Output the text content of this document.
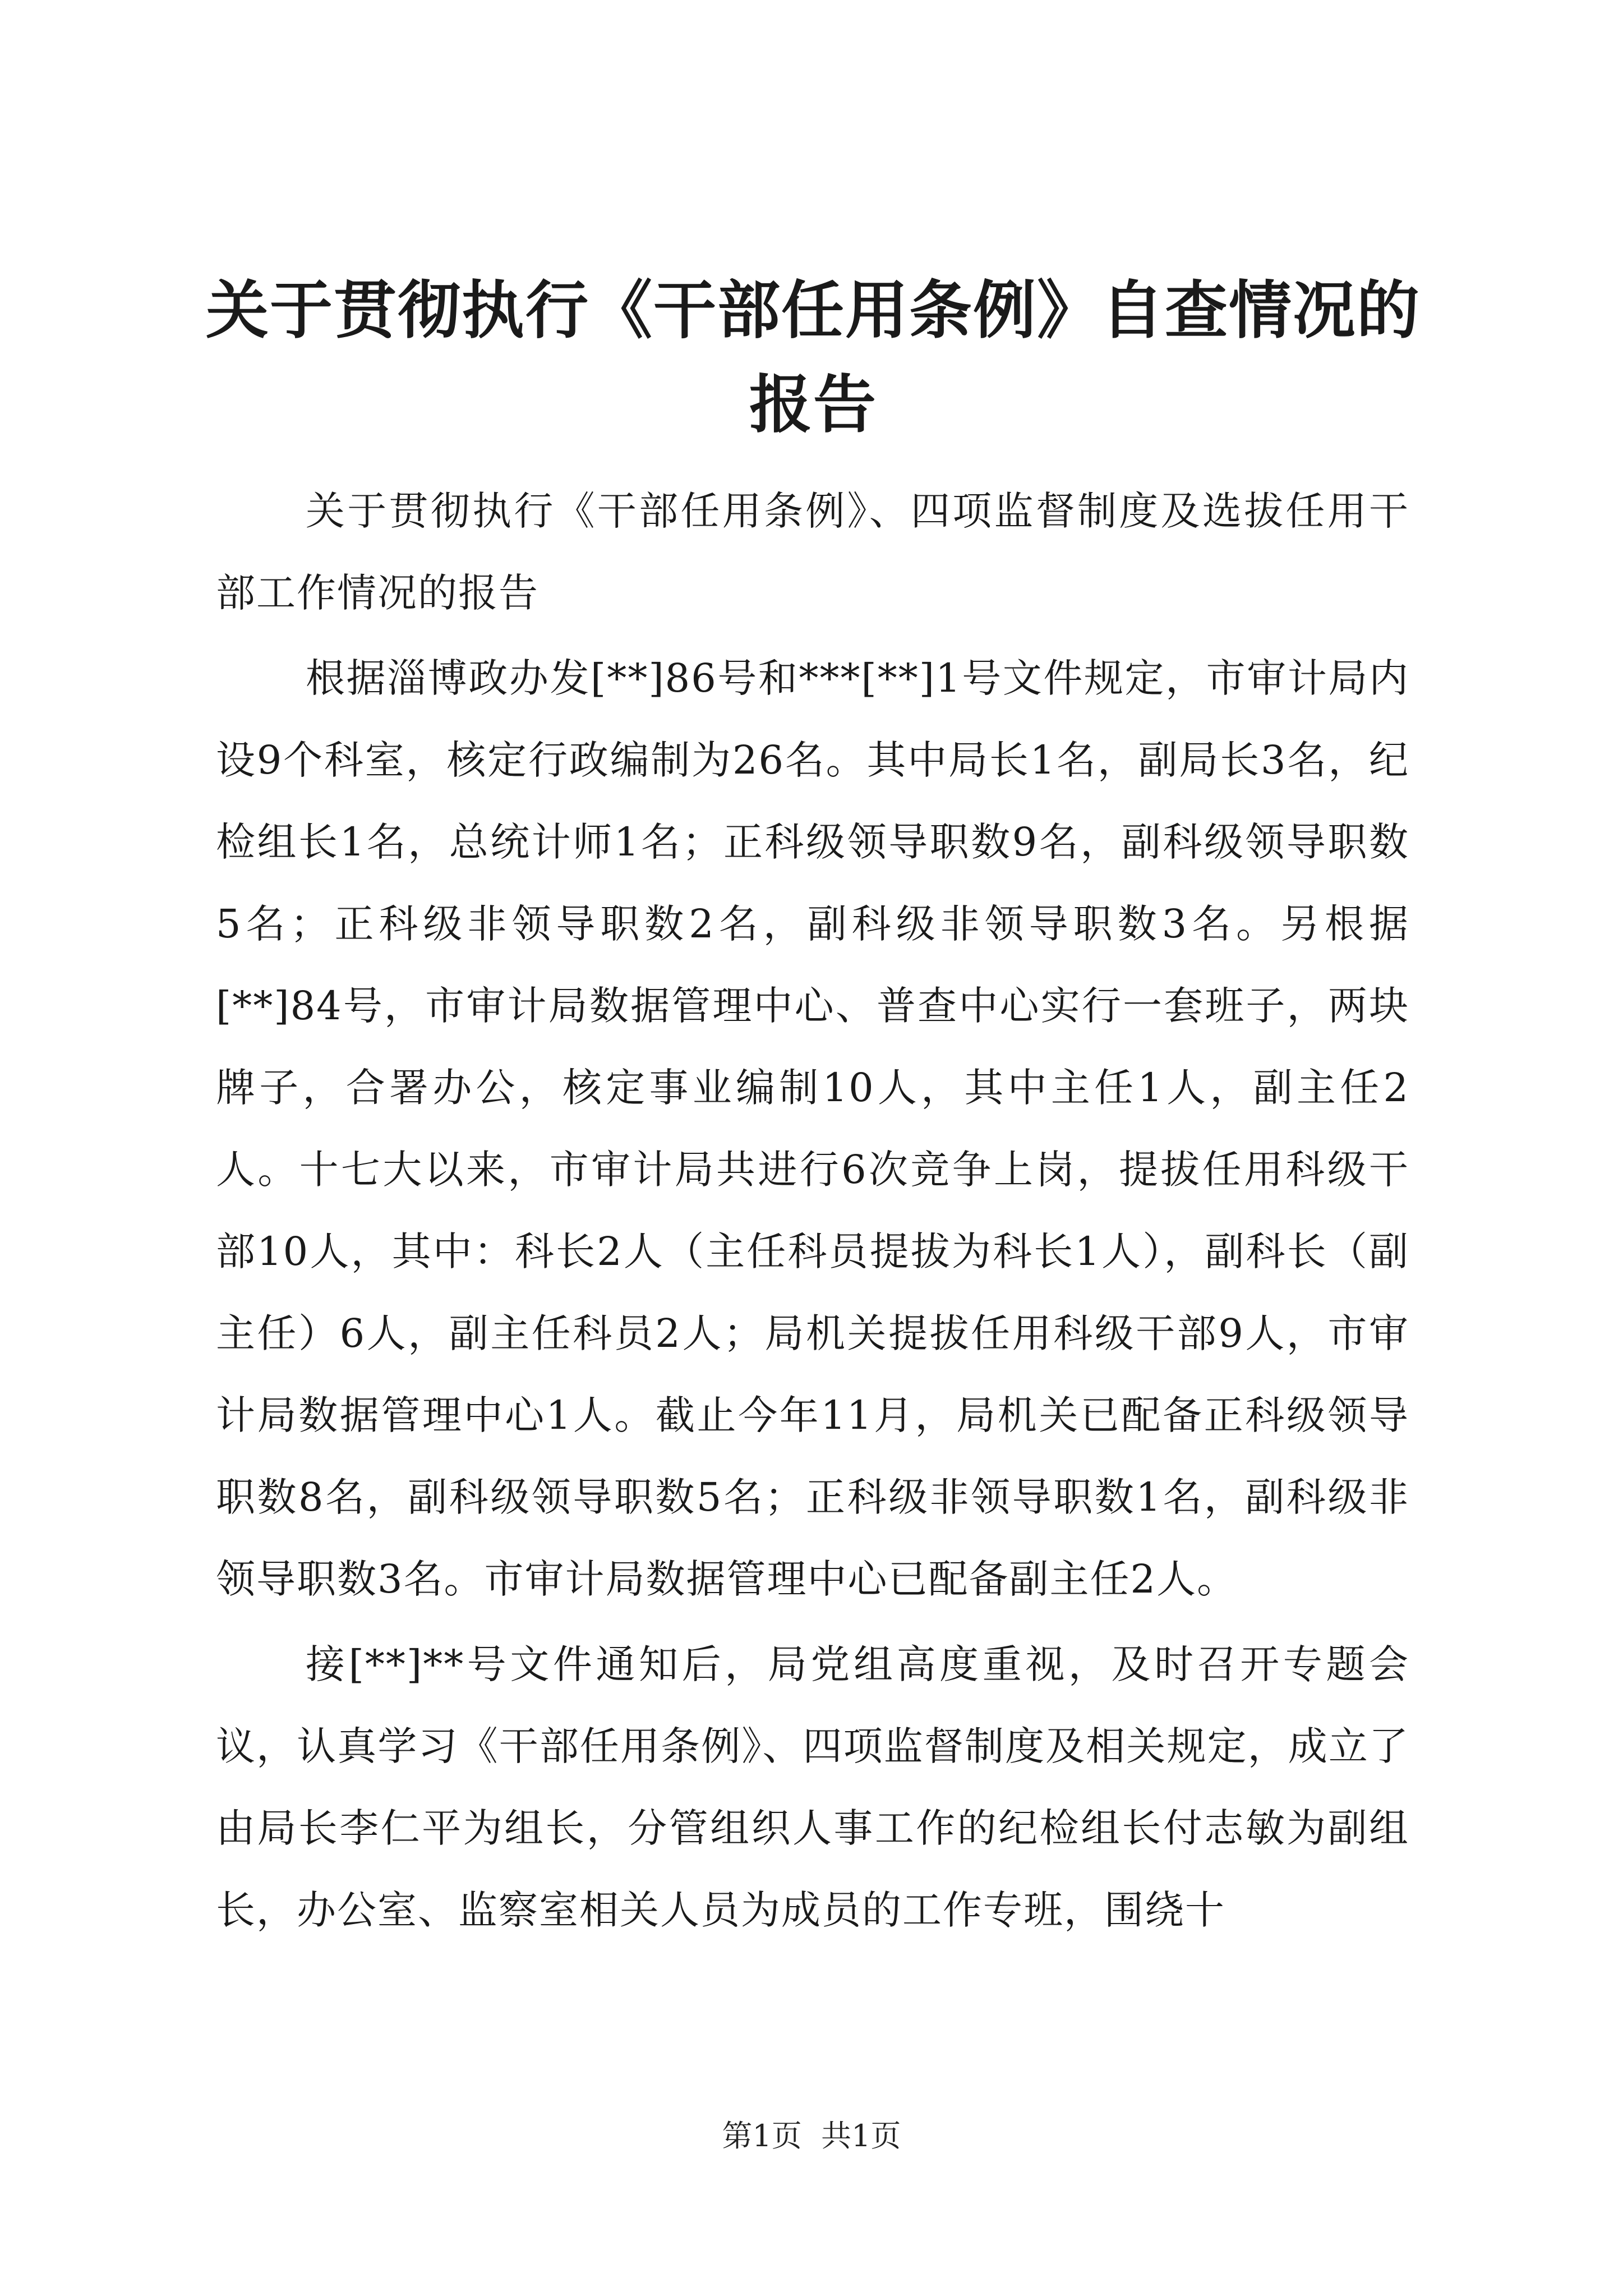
关于贯彻执行《干部任用条例》自查情况的报告

关于贯彻执行《干部任用条例》、四项监督制度及选拔任用干部工作情况的报告

根据淄博政办发[**]86号和***[**]1号文件规定，市审计局内设9个科室，核定行政编制为26名。其中局长1名，副局长3名，纪检组长1名，总统计师1名；正科级领导职数9名，副科级领导职数5名；正科级非领导职数2名，副科级非领导职数3名。另根据[**]84号，市审计局数据管理中心、普查中心实行一套班子，两块牌子，合署办公，核定事业编制10人，其中主任1人，副主任2人。十七大以来，市审计局共进行6次竞争上岗，提拔任用科级干部10人，其中：科长2人（主任科员提拔为科长1人），副科长（副主任）6人，副主任科员2人；局机关提拔任用科级干部9人，市审计局数据管理中心1人。截止今年11月，局机关已配备正科级领导职数8名，副科级领导职数5名；正科级非领导职数1名，副科级非领导职数3名。市审计局数据管理中心已配备副主任2人。

接[**]**号文件通知后，局党组高度重视，及时召开专题会议，认真学习《干部任用条例》、四项监督制度及相关规定，成立了由局长李仁平为组长，分管组织人事工作的纪检组长付志敏为副组长，办公室、监察室相关人员为成员的工作专班，围绕十

第1页 共1页
